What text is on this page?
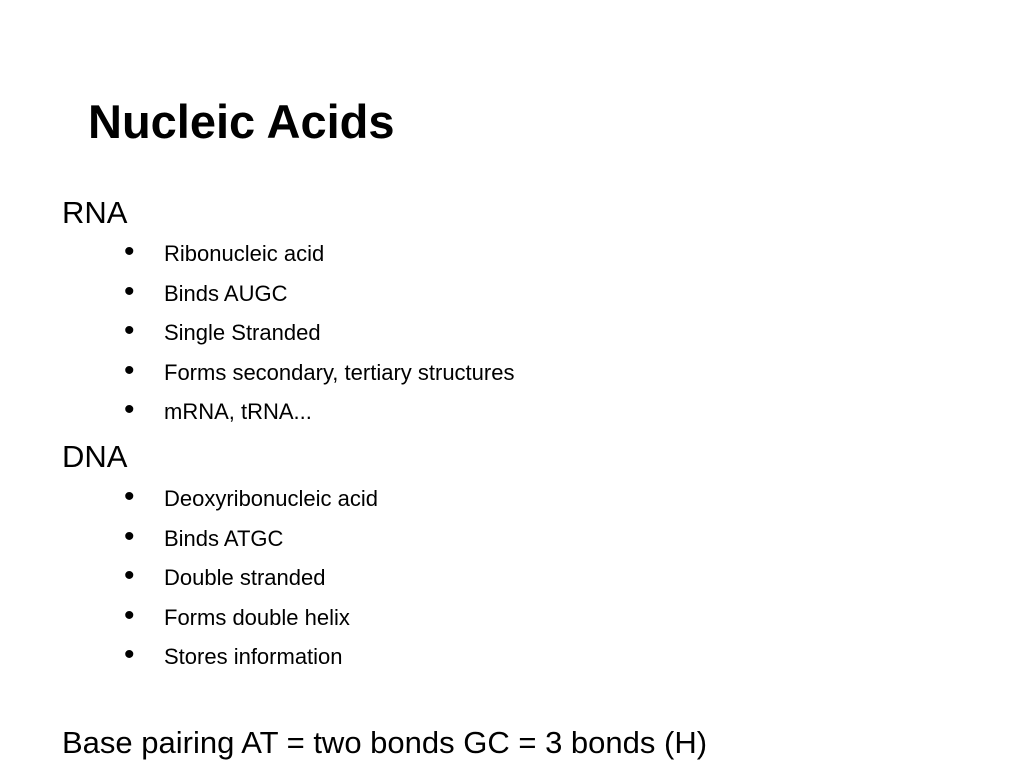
Nucleic Acids
RNA
• Ribonucleic acid
• Binds AUGC
• Single Stranded
• Forms secondary, tertiary structures
• mRNA, tRNA...
DNA
• Deoxyribonucleic acid
• Binds ATGC
• Double stranded
• Forms double helix
• Stores information
Base pairing AT = two bonds GC = 3 bonds (H)
